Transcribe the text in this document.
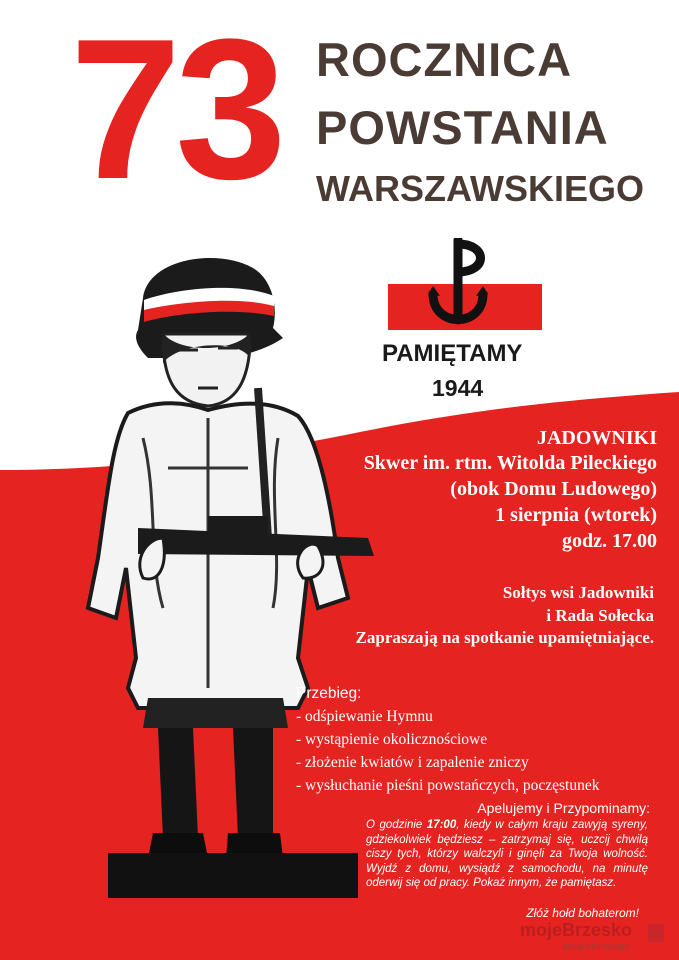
73 ROCZNICA
POWSTANIA
WARSZAWSKIEGO
PAMIĘTAMY
1944
JADOWNIKI
Skwer im. rtm. Witolda Pileckiego
(obok Domu Ludowego)
1 sierpnia (wtorek)
godz. 17.00
Sołtys wsi Jadowniki
i Rada Sołecka
Zapraszają na spotkanie upamiętniające.
Przebieg:
- odśpiewanie Hymnu
- wystąpienie okolicznościowe
- złożenie kwiatów i zapalenie zniczy
- wysłuchanie pieśni powstańczych, poczęstunek
Apelujemy i Przypominamy:
O godzinie 17:00, kiedy w całym kraju zawyją syreny, gdziekolwiek będziesz – zatrzymaj się, uczcij chwilą ciszy tych, którzy walczyli i ginęli za Twoja wolność. Wyjdź z domu, wysiądź z samochodu, na minutę oderwij się od pracy. Pokaż innym, że pamiętasz.
Złóż hołd bohaterom!
mojeBrzesko
portal informacyjny
